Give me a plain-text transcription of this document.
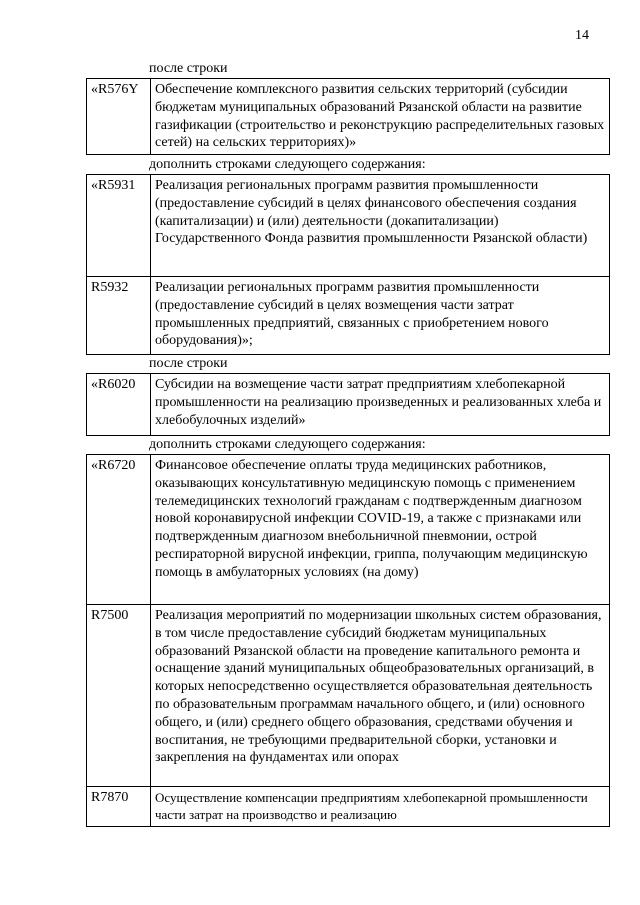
14
после строки
«R576Y	Обеспечение комплексного развития сельских территорий (субсидии бюджетам муниципальных образований Рязанской области на развитие газификации (строительство и реконструкцию распределительных газовых сетей) на сельских территориях)»
дополнить строками следующего содержания:
«R5931	Реализация региональных программ развития промышленности (предоставление субсидий в целях финансового обеспечения создания (капитализации) и (или) деятельности (докапитализации) Государственного Фонда развития промышленности Рязанской области)
R5932	Реализации региональных программ развития промышленности (предоставление субсидий в целях возмещения части затрат промышленных предприятий, связанных с приобретением нового оборудования)»;
после строки
«R6020	Субсидии на возмещение части затрат предприятиям хлебопекарной промышленности на реализацию произведенных и реализованных хлеба и хлебобулочных изделий»
дополнить строками следующего содержания:
«R6720	Финансовое обеспечение оплаты труда медицинских работников, оказывающих консультативную медицинскую помощь с применением телемедицинских технологий гражданам с подтвержденным диагнозом новой коронавирусной инфекции COVID-19, а также с признаками или подтвержденным диагнозом внебольничной пневмонии, острой респираторной вирусной инфекции, гриппа, получающим медицинскую помощь в амбулаторных условиях (на дому)
R7500	Реализация мероприятий по модернизации школьных систем образования, в том числе предоставление субсидий бюджетам муниципальных образований Рязанской области на проведение капитального ремонта и оснащение зданий муниципальных общеобразовательных организаций, в которых непосредственно осуществляется образовательная деятельность по образовательным программам начального общего, и (или) основного общего, и (или) среднего общего образования, средствами обучения и воспитания, не требующими предварительной сборки, установки и закрепления на фундаментах или опорах
R7870	Осуществление компенсации предприятиям хлебопекарной промышленности части затрат на производство и реализацию
